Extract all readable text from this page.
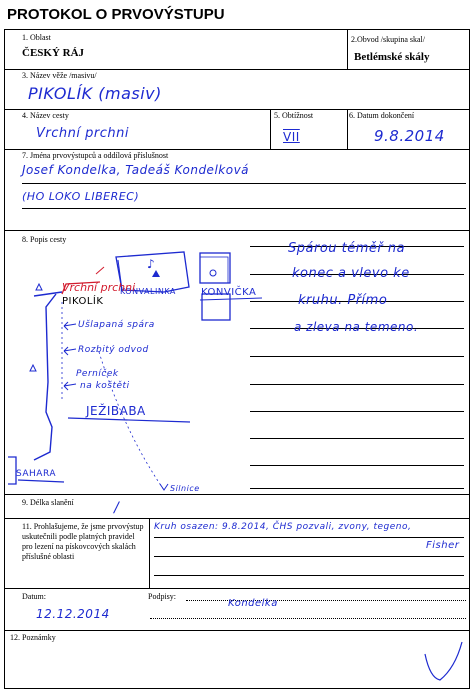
PROTOKOL O PRVOVÝSTUPU
1. Oblast
ČESKÝ RÁJ
2.Obvod /skupina skal/
Betlémské skály
3. Název věže /masivu/
PIKOLÍK (masiv)
4. Název cesty
Vrchní prchni
5. Obtížnost
VII
6. Datum dokončení
9.8.2014
7. Jména prvovýstupců a oddílová příslušnost
Josef Kondelka, Tadeáš Kondelková
(HO LOKO LIBEREC)
8. Popis cesty
Spárou téměř na
konec a vlevo ke
kruhu. Přímo
a zleva na temeno.
♪
KONVALINKA	KONVIČKA
Vrchní prchni
PIKOLÍK
Ušlapaná spára
Rozbitý odvod
Perníček
na koštěti
JEŽIBABA
SAHARA
Silnice
9. Délka slanění	/
11. Prohlašujeme, že jsme prvovýstup uskutečnili podle platných pravidel pro lezení na pískovcových skalách příslušné oblasti
Kruh osazen: 9.8.2014, ČHS pozvali, zvony, tegeno,
Fisher
Datum:
12.12.2014
Podpisy:
Kondelka
12. Poznámky
